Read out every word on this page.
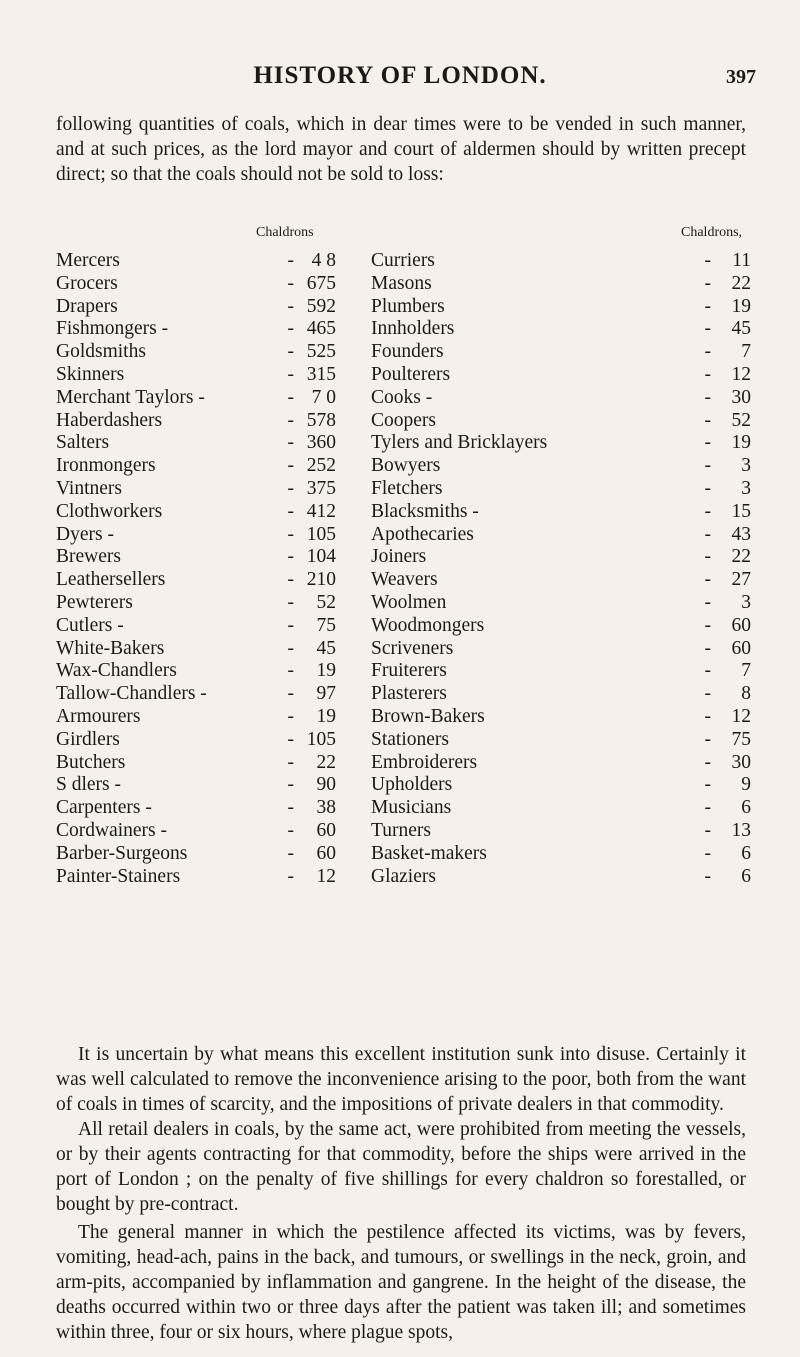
HISTORY OF LONDON.	397

following quantities of coals, which in dear times were to be vended in such manner, and at such prices, as the lord mayor and court of aldermen should by written precept direct; so that the coals should not be sold to loss:

Chaldrons	Chaldrons,
Mercers	- 4 8
Grocers	- 675
Drapers	- 592
Fishmongers -	- 465
Goldsmiths	- 525
Skinners	- 315
Merchant Taylors -	- 7 0
Haberdashers	- 578
Salters	- 360
Ironmongers	- 252
Vintners	- 375
Clothworkers	- 412
Dyers -	- 105
Brewers	- 104
Leathersellers	- 210
Pewterers	- 52
Cutlers -	- 75
White-Bakers	- 45
Wax-Chandlers	- 19
Tallow-Chandlers -	- 97
Armourers	- 19
Girdlers	- 105
Butchers	- 22
S dlers -	- 90
Carpenters -	- 38
Cordwainers -	- 60
Barber-Surgeons	- 60
Painter-Stainers	- 12
Curriers	- 11
Masons	- 22
Plumbers	- 19
Innholders	- 45
Founders	- 7
Poulterers	- 12
Cooks -	- 30
Coopers	- 52
Tylers and Bricklayers	- 19
Bowyers	- 3
Fletchers	- 3
Blacksmiths -	- 15
Apothecaries	- 43
Joiners	- 22
Weavers	- 27
Woolmen	- 3
Woodmongers	- 60
Scriveners	- 60
Fruiterers	- 7
Plasterers	- 8
Brown-Bakers	- 12
Stationers	- 75
Embroiderers	- 30
Upholders	- 9
Musicians	- 6
Turners	- 13
Basket-makers	- 6
Glaziers	- 6

It is uncertain by what means this excellent institution sunk into disuse. Certainly it was well calculated to remove the inconvenience arising to the poor, both from the want of coals in times of scarcity, and the impositions of private dealers in that commodity.

All retail dealers in coals, by the same act, were prohibited from meeting the vessels, or by their agents contracting for that commodity, before the ships were arrived in the port of London ; on the penalty of five shillings for every chaldron so forestalled, or bought by pre-contract.

The general manner in which the pestilence affected its victims, was by fevers, vomiting, head-ach, pains in the back, and tumours, or swellings in the neck, groin, and arm-pits, accompanied by inflammation and gangrene. In the height of the disease, the deaths occurred within two or three days after the patient was taken ill; and sometimes within three, four or six hours, where plague spots,
